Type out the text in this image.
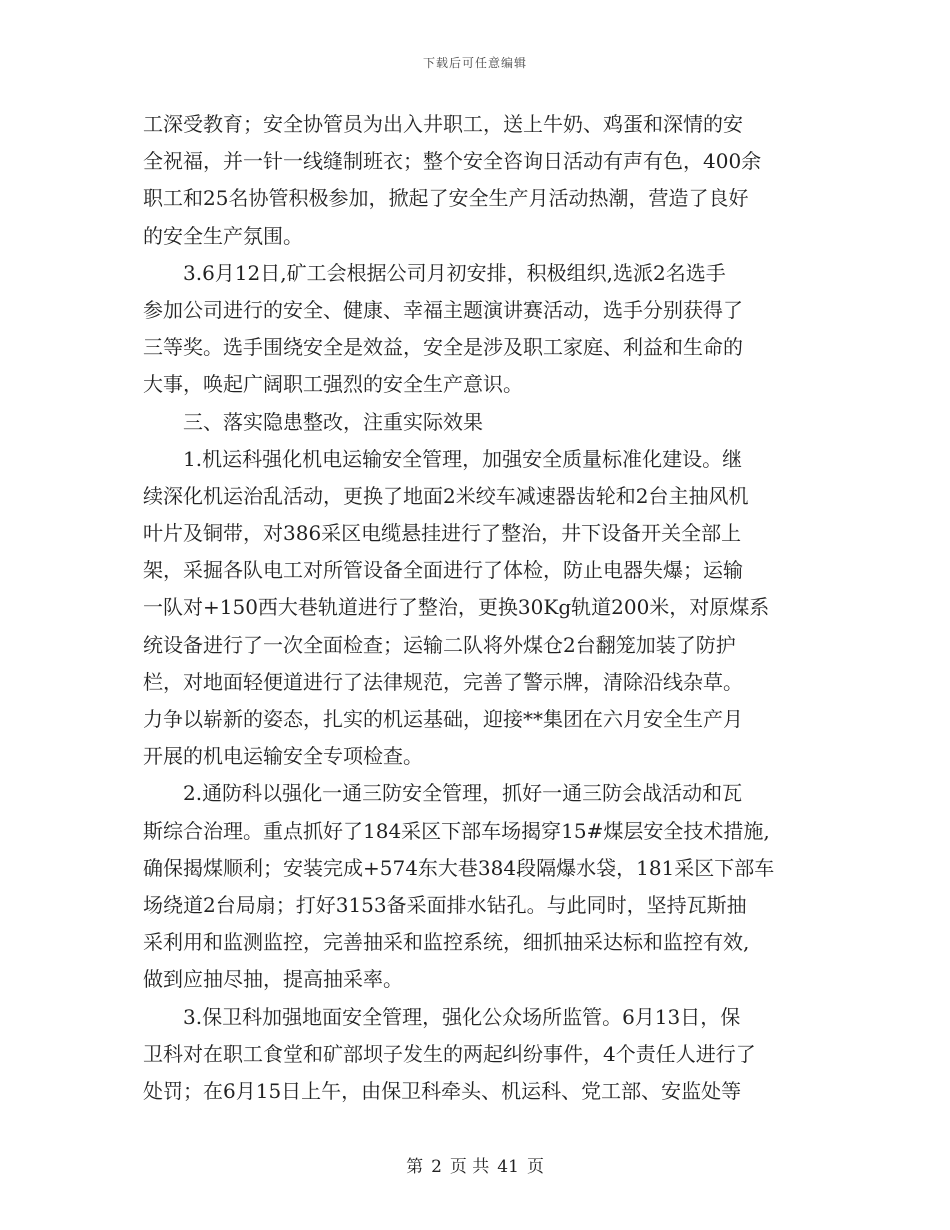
下载后可任意编辑
工深受教育；安全协管员为出入井职工，送上牛奶、鸡蛋和深情的安
全祝福，并一针一线缝制班衣；整个安全咨询日活动有声有色，400余
职工和25名协管积极参加，掀起了安全生产月活动热潮，营造了良好
的安全生产氛围。
　　3.6月12日,矿工会根据公司月初安排，积极组织,选派2名选手
参加公司进行的安全、健康、幸福主题演讲赛活动，选手分别获得了
三等奖。选手围绕安全是效益，安全是涉及职工家庭、利益和生命的
大事，唤起广阔职工强烈的安全生产意识。
　　三、落实隐患整改，注重实际效果
　　1.机运科强化机电运输安全管理，加强安全质量标准化建设。继
续深化机运治乱活动，更换了地面2米绞车减速器齿轮和2台主抽风机
叶片及铜带，对386采区电缆悬挂进行了整治，井下设备开关全部上
架，采掘各队电工对所管设备全面进行了体检，防止电器失爆；运输
一队对+150西大巷轨道进行了整治，更换30Kg轨道200米，对原煤系
统设备进行了一次全面检查；运输二队将外煤仓2台翻笼加装了防护
栏，对地面轻便道进行了法律规范，完善了警示牌，清除沿线杂草。
力争以崭新的姿态，扎实的机运基础，迎接**集团在六月安全生产月
开展的机电运输安全专项检查。
　　2.通防科以强化一通三防安全管理，抓好一通三防会战活动和瓦
斯综合治理。重点抓好了184采区下部车场揭穿15#煤层安全技术措施,
确保揭煤顺利；安装完成+574东大巷384段隔爆水袋，181采区下部车
场绕道2台局扇；打好3153备采面排水钻孔。与此同时，坚持瓦斯抽
采利用和监测监控，完善抽采和监控系统，细抓抽采达标和监控有效,
做到应抽尽抽，提高抽采率。
　　3.保卫科加强地面安全管理，强化公众场所监管。6月13日，保
卫科对在职工食堂和矿部坝子发生的两起纠纷事件，4个责任人进行了
处罚；在6月15日上午，由保卫科牵头、机运科、党工部、安监处等
第 2 页 共 41 页
